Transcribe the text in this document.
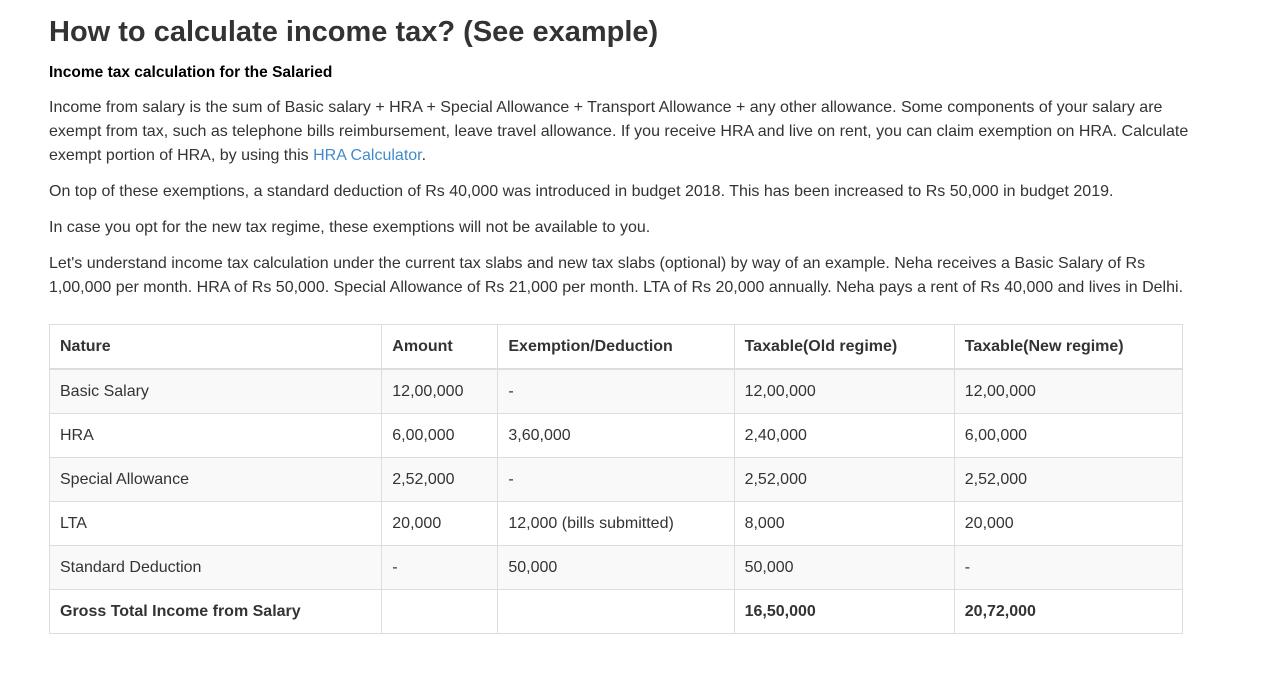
How to calculate income tax? (See example)
Income tax calculation for the Salaried

Income from salary is the sum of Basic salary + HRA + Special Allowance + Transport Allowance + any other allowance. Some components of your salary are exempt from tax, such as telephone bills reimbursement, leave travel allowance. If you receive HRA and live on rent, you can claim exemption on HRA. Calculate exempt portion of HRA, by using this HRA Calculator.

On top of these exemptions, a standard deduction of Rs 40,000 was introduced in budget 2018. This has been increased to Rs 50,000 in budget 2019.

In case you opt for the new tax regime, these exemptions will not be available to you.

Let's understand income tax calculation under the current tax slabs and new tax slabs (optional) by way of an example. Neha receives a Basic Salary of Rs 1,00,000 per month. HRA of Rs 50,000. Special Allowance of Rs 21,000 per month. LTA of Rs 20,000 annually. Neha pays a rent of Rs 40,000 and lives in Delhi.

Nature	Amount	Exemption/Deduction	Taxable(Old regime)	Taxable(New regime)
Basic Salary	12,00,000	-	12,00,000	12,00,000
HRA	6,00,000	3,60,000	2,40,000	6,00,000
Special Allowance	2,52,000	-	2,52,000	2,52,000
LTA	20,000	12,000 (bills submitted)	8,000	20,000
Standard Deduction	-	50,000	50,000	-
Gross Total Income from Salary			16,50,000	20,72,000
